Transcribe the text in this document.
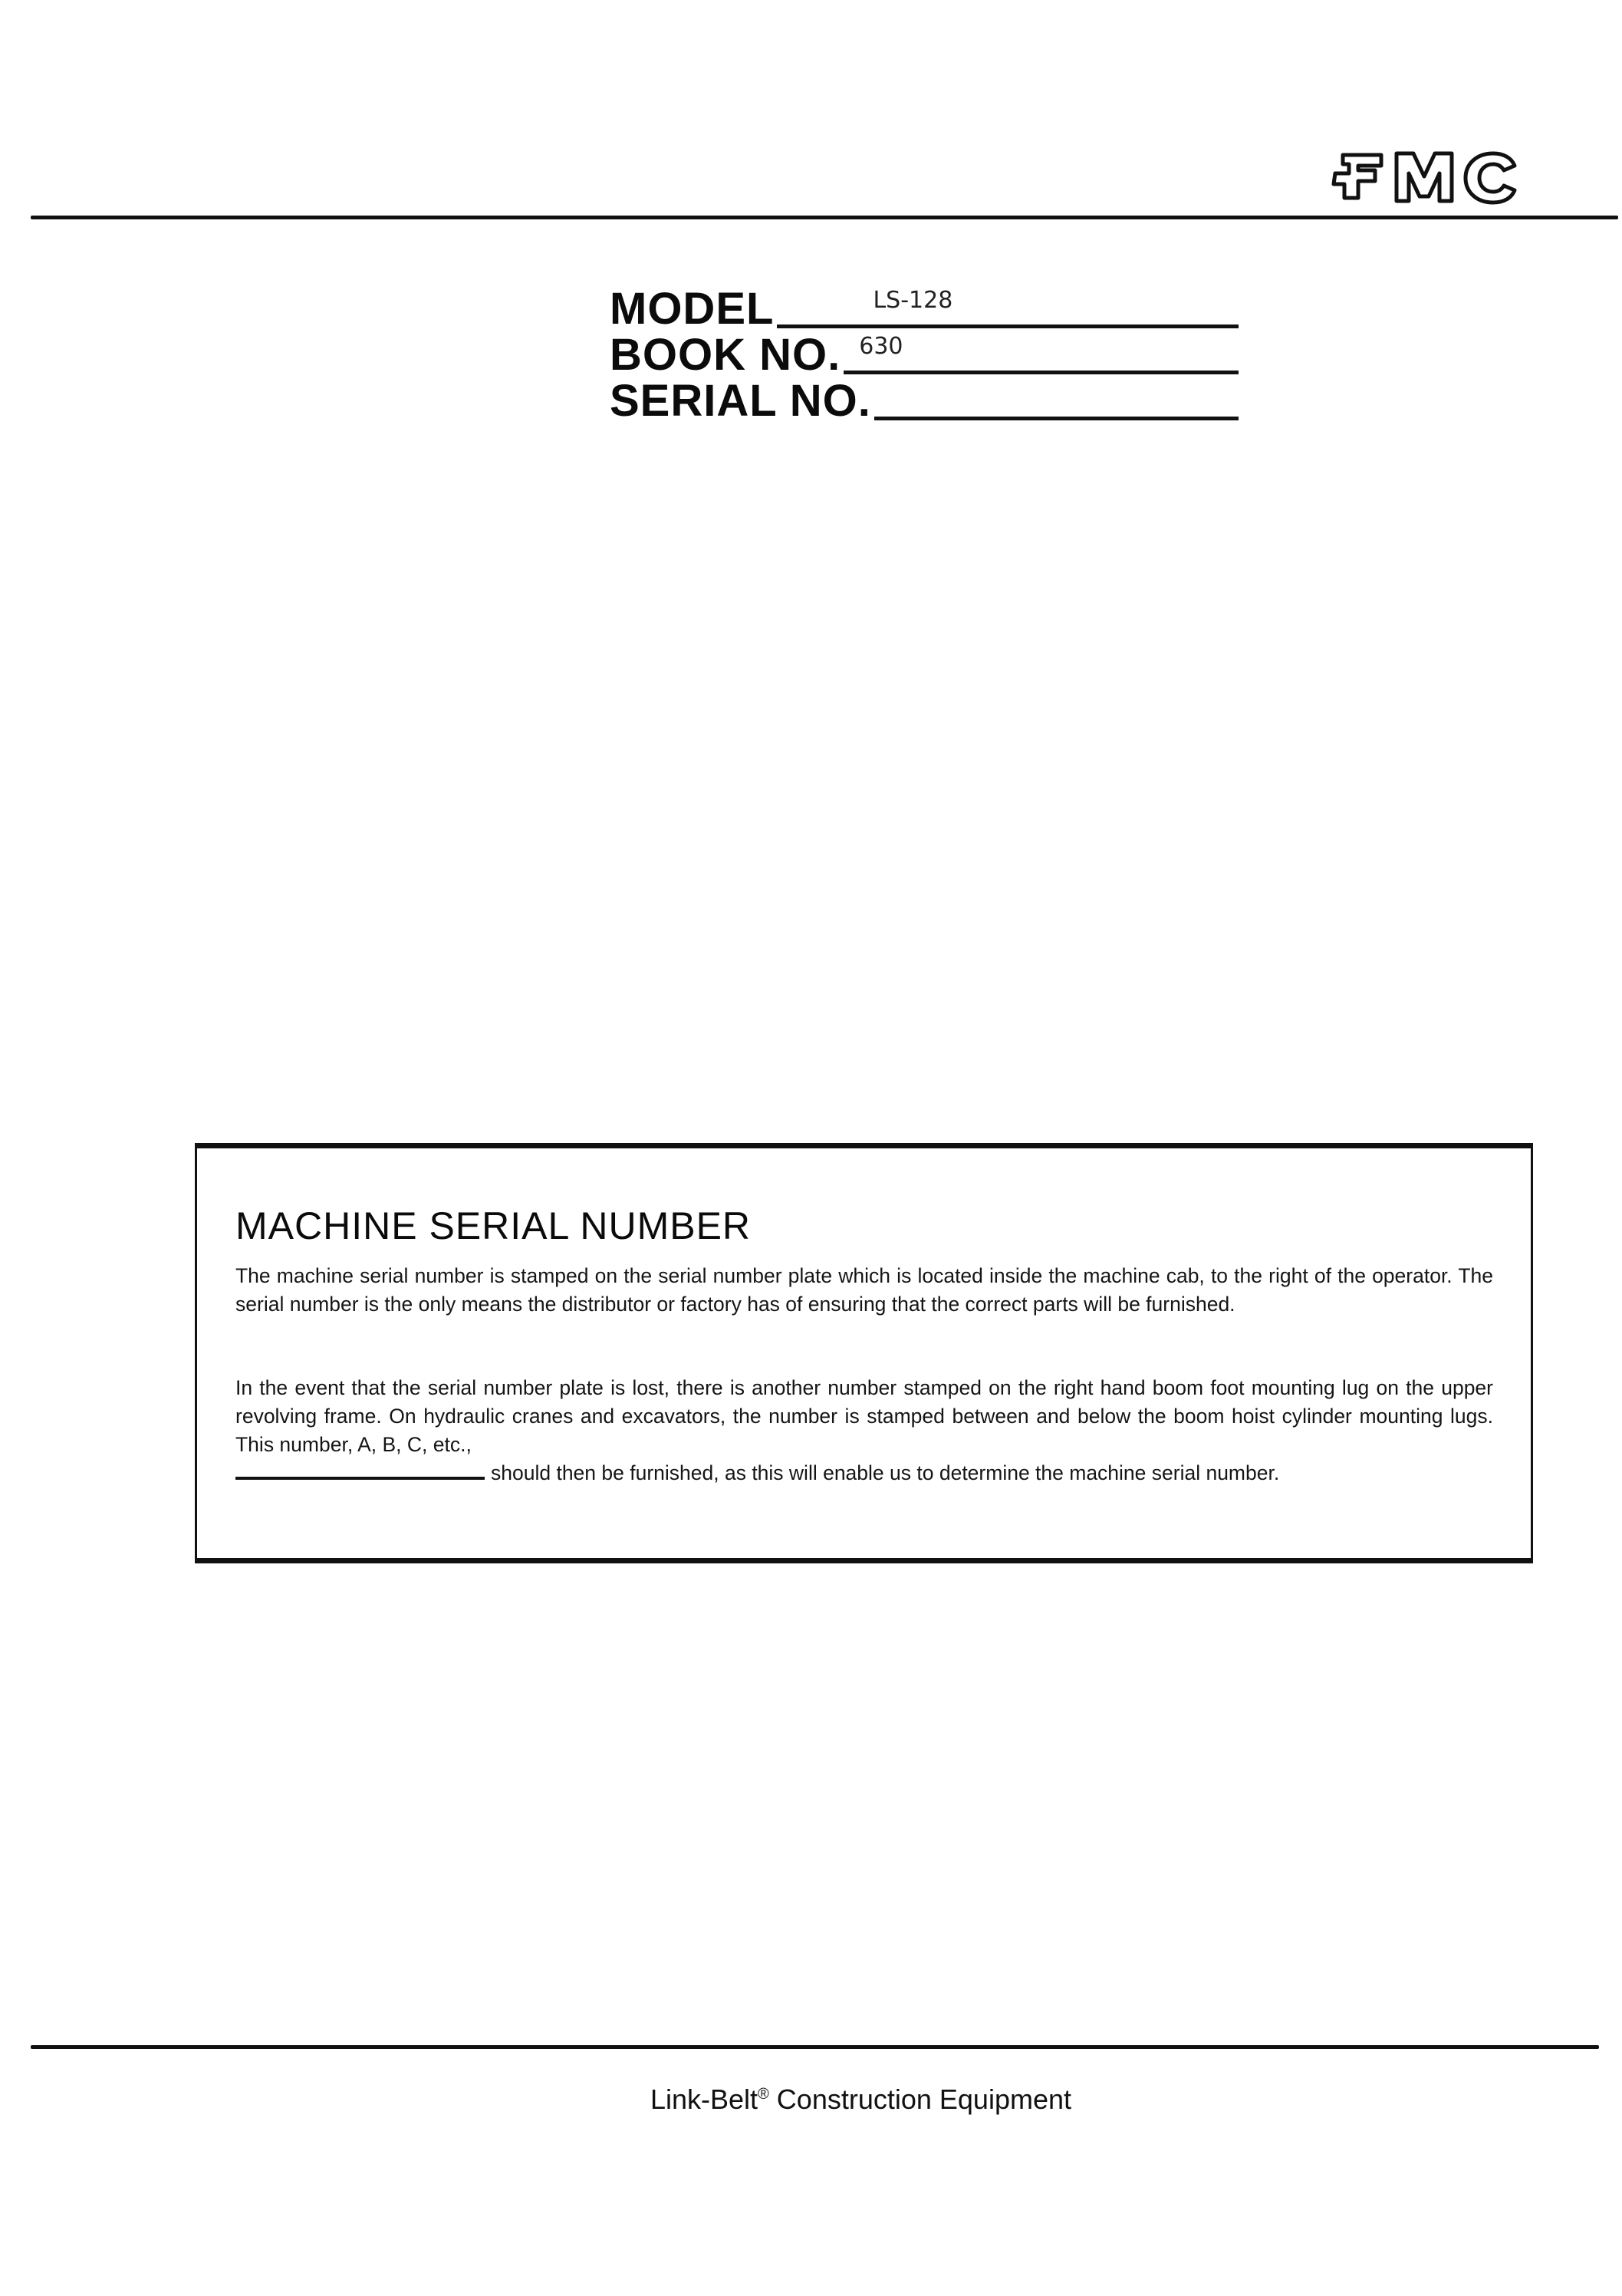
MODEL	LS-128
BOOK NO. 630
SERIAL NO.
MACHINE SERIAL NUMBER
The machine serial number is stamped on the serial number plate which is located inside the machine cab, to the right of the operator. The serial number is the only means the distributor or factory has of ensuring that the correct parts will be furnished.
In the event that the serial number plate is lost, there is another number stamped on the right hand boom foot mounting lug on the upper revolving frame. On hydraulic cranes and excavators, the number is stamped between and below the boom hoist cylinder mounting lugs. This number, A, B, C, etc.,
should then be furnished, as this will enable us to determine the machine serial number.
Link-Belt® Construction Equipment
